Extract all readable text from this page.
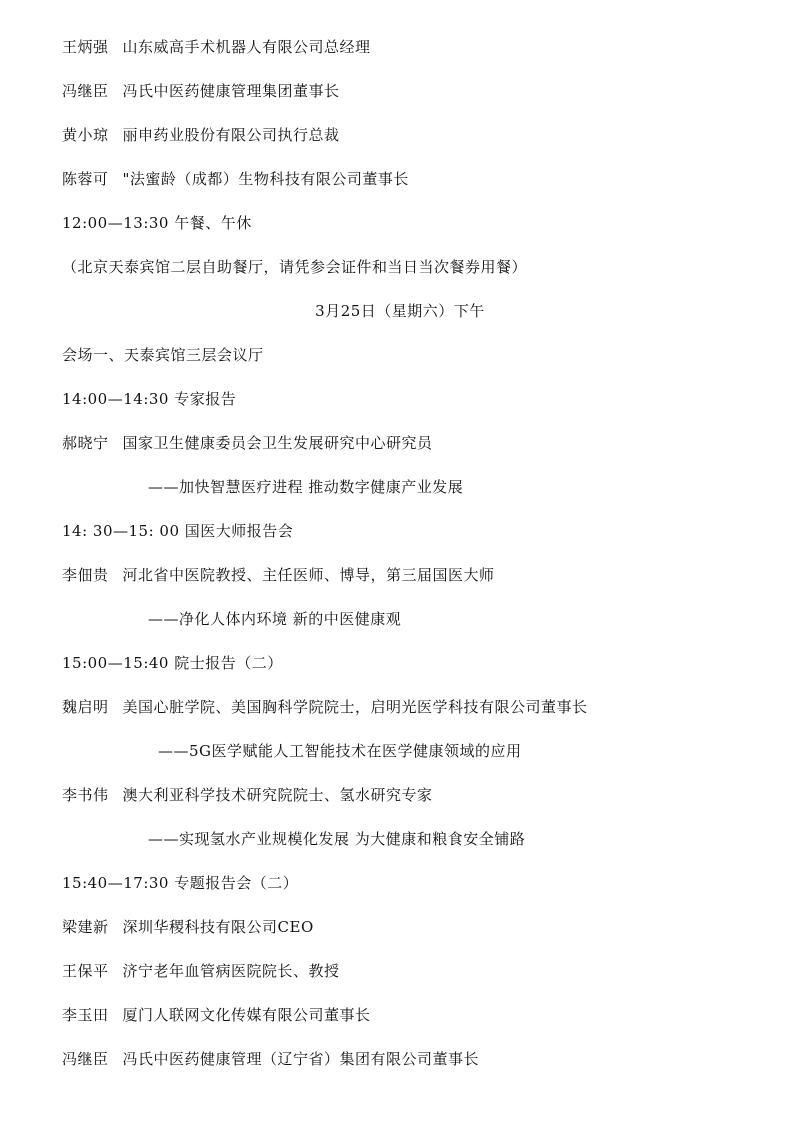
王炳强 山东威高手术机器人有限公司总经理
冯继臣 冯氏中医药健康管理集团董事长
黄小琼 丽申药业股份有限公司执行总裁
陈蓉可 "法蜜龄（成都）生物科技有限公司董事长
12:00—13:30 午餐、午休
（北京天泰宾馆二层自助餐厅，请凭参会证件和当日当次餐券用餐）
3月25日（星期六）下午
会场一、天泰宾馆三层会议厅
14:00—14:30 专家报告
郝晓宁 国家卫生健康委员会卫生发展研究中心研究员
——加快智慧医疗进程 推动数字健康产业发展
14: 30—15: 00 国医大师报告会
李佃贵 河北省中医院教授、主任医师、博导，第三届国医大师
——净化人体内环境 新的中医健康观
15:00—15:40 院士报告（二）
魏启明 美国心脏学院、美国胸科学院院士，启明光医学科技有限公司董事长
——5G医学赋能人工智能技术在医学健康领域的应用
李书伟 澳大利亚科学技术研究院院士、氢水研究专家
——实现氢水产业规模化发展 为大健康和粮食安全铺路
15:40—17:30 专题报告会（二）
梁建新 深圳华稷科技有限公司CEO
王保平 济宁老年血管病医院院长、教授
李玉田 厦门人联网文化传媒有限公司董事长
冯继臣 冯氏中医药健康管理（辽宁省）集团有限公司董事长
